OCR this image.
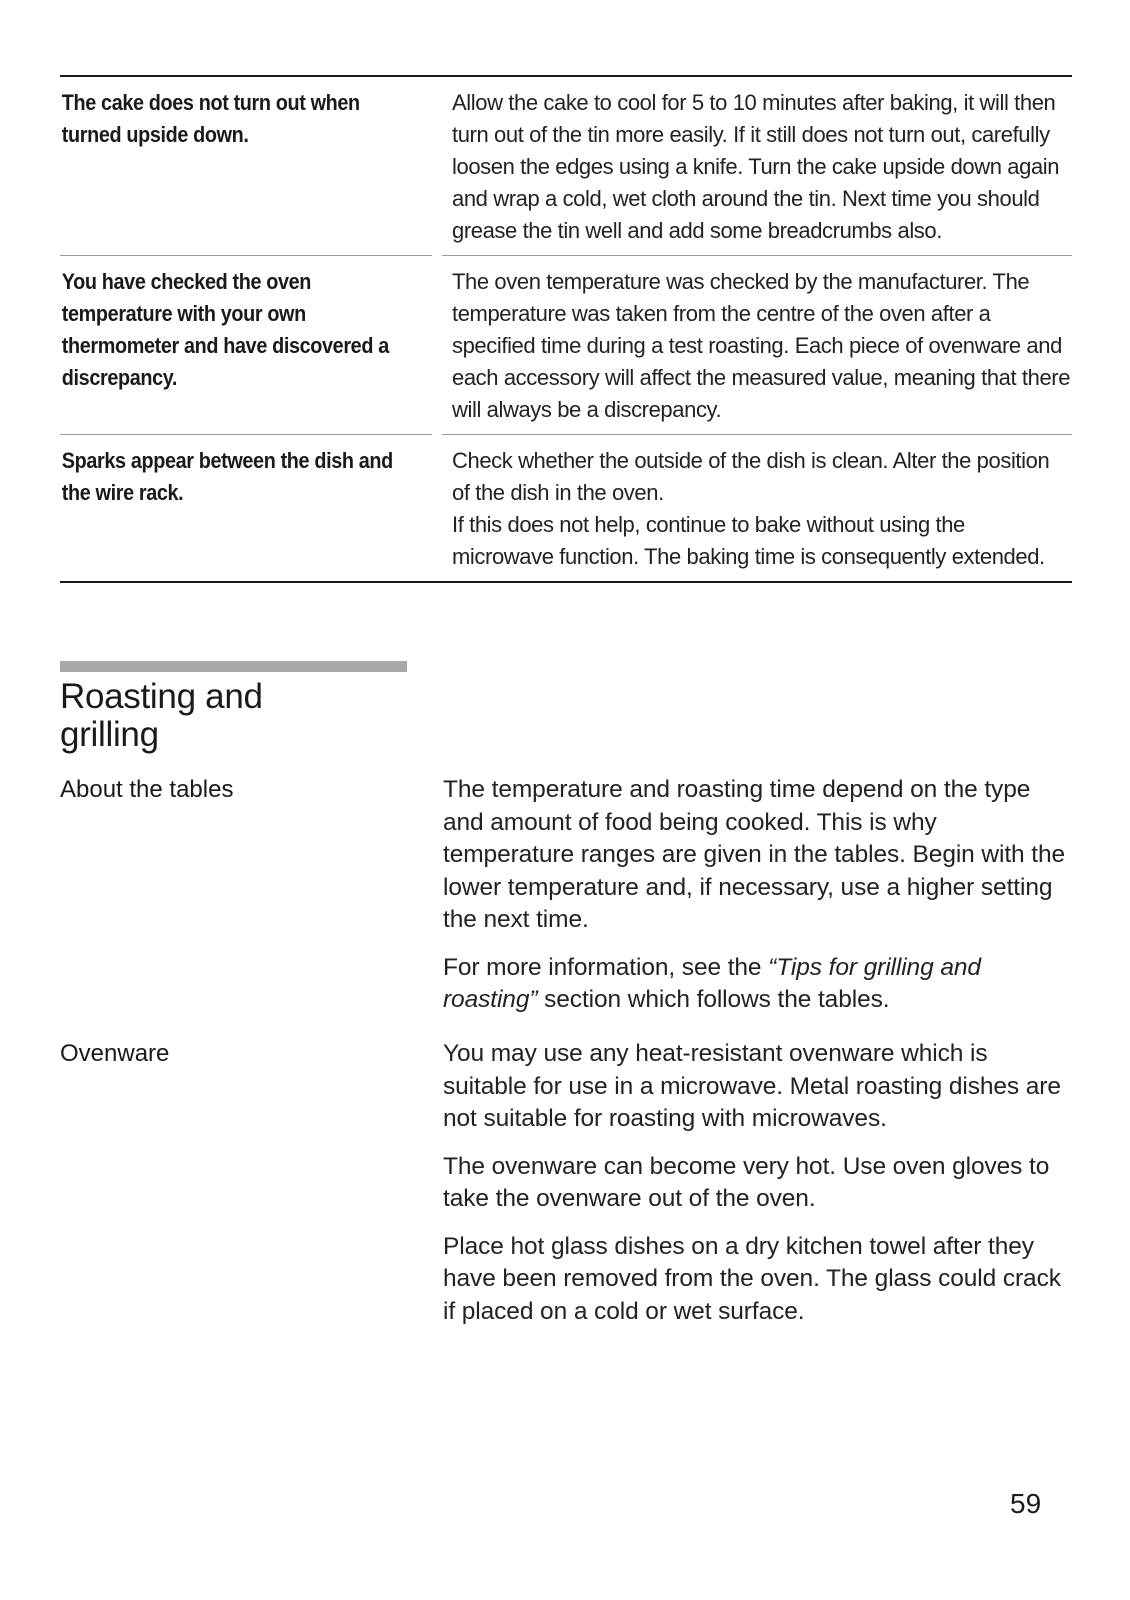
The cake does not turn out when turned upside down.

Allow the cake to cool for 5 to 10 minutes after baking, it will then turn out of the tin more easily. If it still does not turn out, carefully loosen the edges using a knife. Turn the cake upside down again and wrap a cold, wet cloth around the tin. Next time you should grease the tin well and add some breadcrumbs also.

You have checked the oven temperature with your own thermometer and have discovered a discrepancy.

The oven temperature was checked by the manufacturer. The temperature was taken from the centre of the oven after a specified time during a test roasting. Each piece of ovenware and each accessory will affect the measured value, meaning that there will always be a discrepancy.

Sparks appear between the dish and the wire rack.

Check whether the outside of the dish is clean. Alter the position of the dish in the oven.

If this does not help, continue to bake without using the microwave function. The baking time is consequently extended.

Roasting and
grilling
About the tables	The temperature and roasting time depend on the type and amount of food being cooked. This is why temperature ranges are given in the tables. Begin with the lower temperature and, if necessary, use a higher setting the next time.

For more information, see the “Tips for grilling and roasting” section which follows the tables.

Ovenware	You may use any heat-resistant ovenware which is suitable for use in a microwave. Metal roasting dishes are not suitable for roasting with microwaves.

The ovenware can become very hot. Use oven gloves to take the ovenware out of the oven.

Place hot glass dishes on a dry kitchen towel after they have been removed from the oven. The glass could crack if placed on a cold or wet surface.

59
